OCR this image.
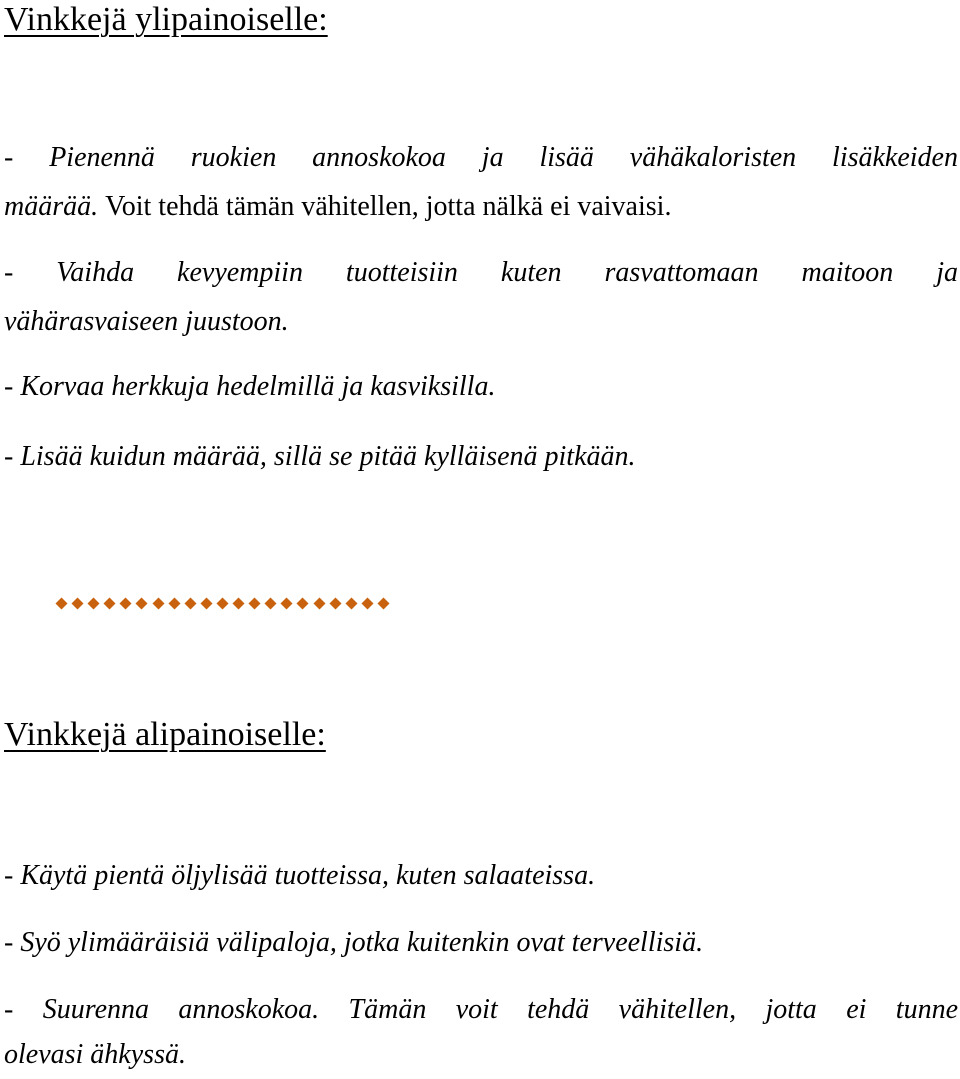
Vinkkejä ylipainoiselle:

- Pienennä ruokien annoskokoa ja lisää vähäkaloristen lisäkkeiden
määrää. Voit tehdä tämän vähitellen, jotta nälkä ei vaivaisi.

- Vaihda kevyempiin tuotteisiin kuten rasvattomaan maitoon ja
vähärasvaiseen juustoon.

- Korvaa herkkuja hedelmillä ja kasviksilla.

- Lisää kuidun määrää, sillä se pitää kylläisenä pitkään.

Vinkkejä alipainoiselle:

- Käytä pientä öljylisää tuotteissa, kuten salaateissa.

- Syö ylimääräisiä välipaloja, jotka kuitenkin ovat terveellisiä.

- Suurenna annoskokoa. Tämän voit tehdä vähitellen, jotta ei tunne
olevasi ähkyssä.
